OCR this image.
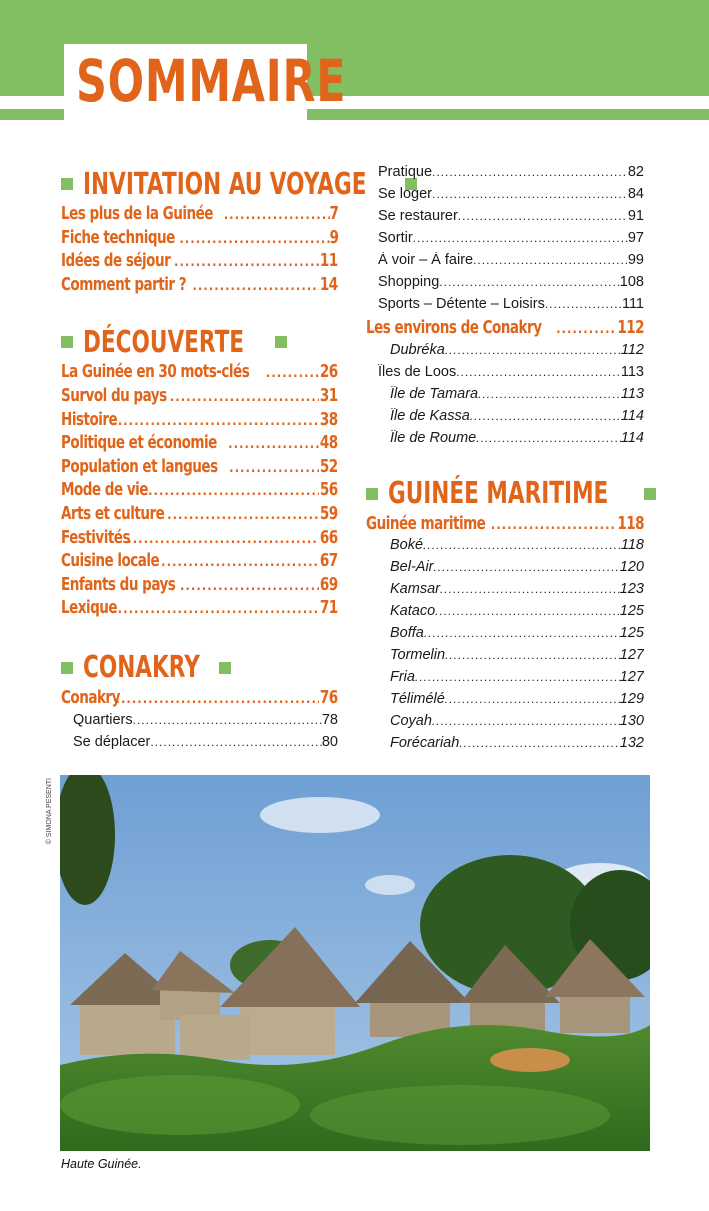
SOMMAIRE
INVITATION AU VOYAGE
Les plus de la Guinée .....	7
Fiche technique .....	9
Idées de séjour .....	11
Comment partir ? .....	14
DÉCOUVERTE
La Guinée en 30 mots-clés .....	26
Survol du pays .....	31
Histoire .....	38
Politique et économie .....	48
Population et langues .....	52
Mode de vie .....	56
Arts et culture .....	59
Festivités .....	66
Cuisine locale .....	67
Enfants du pays .....	69
Lexique .....	71
CONAKRY
Conakry .....	76
Quartiers .....	78
Se déplacer .....	80
Pratique .....	82
Se loger .....	84
Se restaurer .....	91
Sortir .....	97
À voir – À faire .....	99
Shopping .....	108
Sports – Détente – Loisirs .....	111
Les environs de Conakry .....	112
Dubréka .....	112
Îles de Loos .....	113
Île de Tamara .....	113
Île de Kassa .....	114
Île de Roume .....	114
GUINÉE MARITIME
Guinée maritime .....	118
Boké .....	118
Bel-Air .....	120
Kamsar .....	123
Kataco .....	125
Boffa .....	125
Tormelin .....	127
Fria .....	127
Télimélé .....	129
Coyah .....	130
Forécariah .....	132
© SIMONA PESENTI
Haute Guinée.
